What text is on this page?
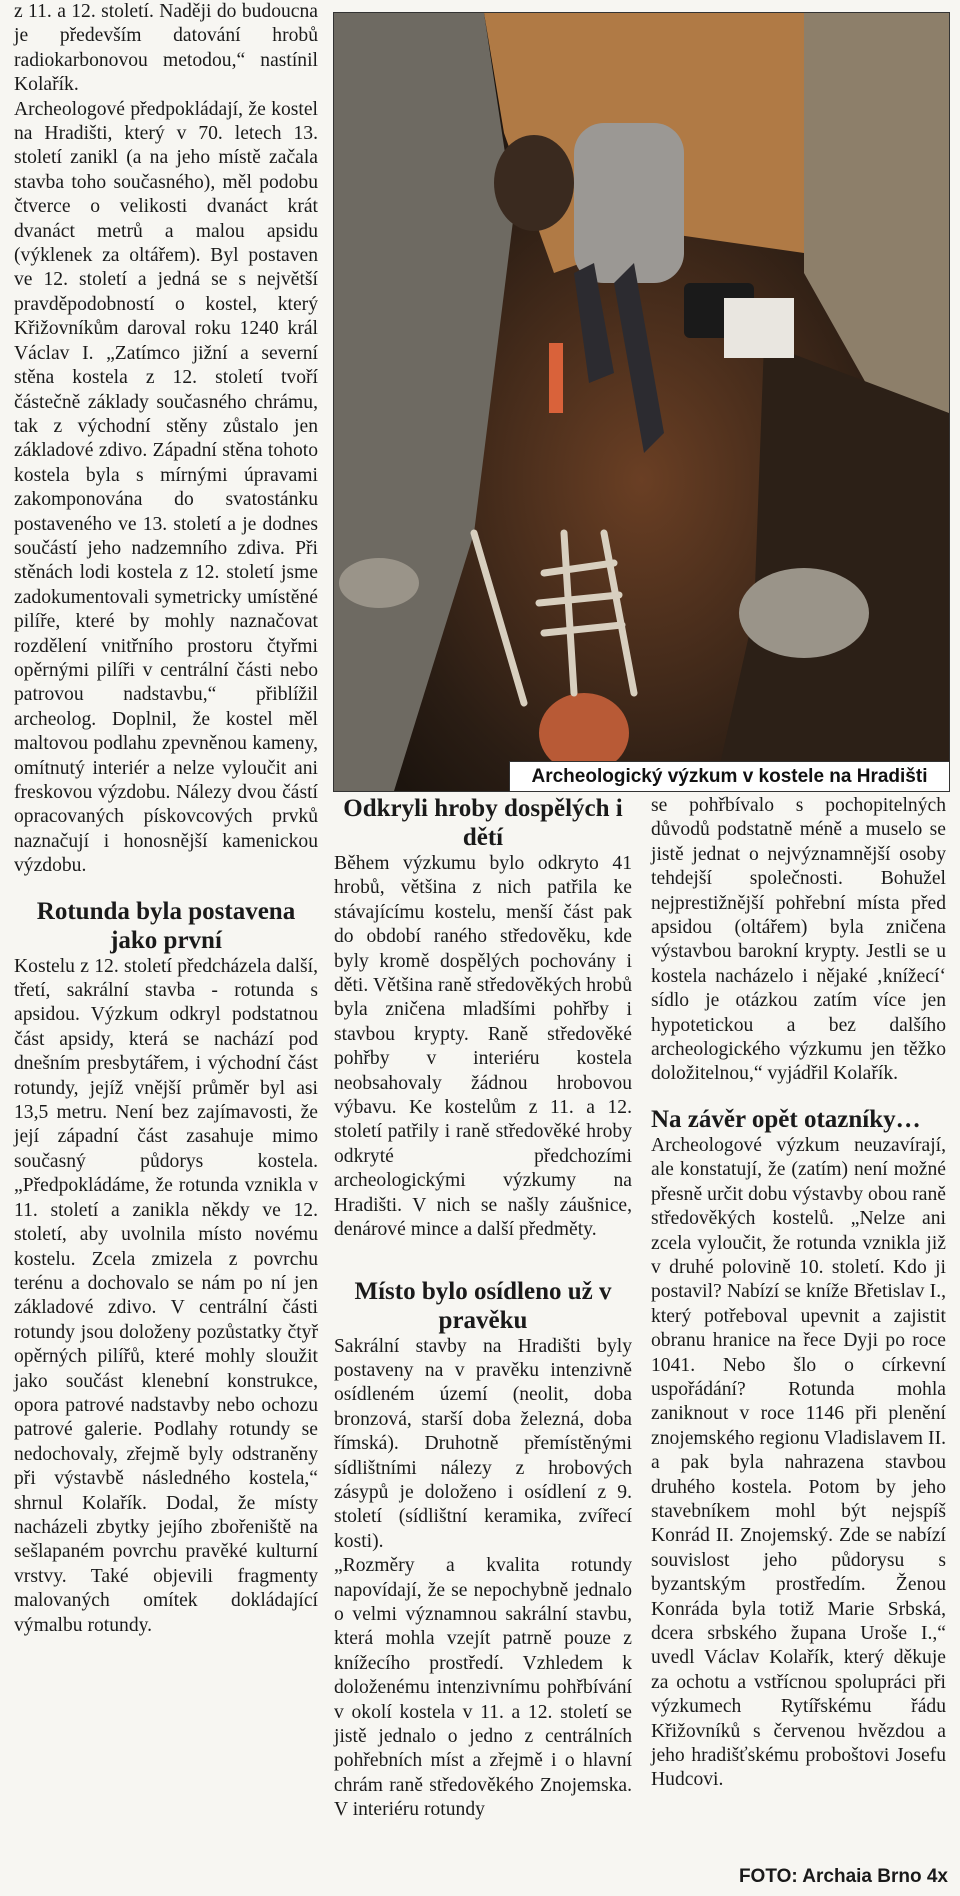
z 11. a 12. století. Naději do budoucna je především datování hrobů radiokarbonovou metodou,“ nastínil Kolařík.

Archeologové předpokládají, že kostel na Hradišti, který v 70. letech 13. století zanikl (a na jeho místě začala stavba toho současného), měl podobu čtverce o velikosti dvanáct krát dvanáct metrů a malou apsidu (výklenek za oltářem). Byl postaven ve 12. století a jedná se s největší pravděpodobností o kostel, který Křižovníkům daroval roku 1240 král Václav I. „Zatímco jižní a severní stěna kostela z 12. století tvoří částečně základy současného chrámu, tak z východní stěny zůstalo jen základové zdivo. Západní stěna tohoto kostela byla s mírnými úpravami zakomponována do svatostánku postaveného ve 13. století a je dodnes součástí jeho nadzemního zdiva. Při stěnách lodi kostela z 12. století jsme zadokumentovali symetricky umístěné pilíře, které by mohly naznačovat rozdělení vnitřního prostoru čtyřmi opěrnými pilíři v centrální části nebo patrovou nadstavbu,“ přiblížil archeolog. Doplnil, že kostel měl maltovou podlahu zpevněnou kameny, omítnutý interiér a nelze vyloučit ani freskovou výzdobu. Nálezy dvou částí opracovaných pískovcových prvků naznačují i honosnější kamenickou výzdobu.

Rotunda byla postavena jako první

Kostelu z 12. století předcházela další, třetí, sakrální stavba - rotunda s apsidou. Výzkum odkryl podstatnou část apsidy, která se nachází pod dnešním presbytářem, i východní část rotundy, jejíž vnější průměr byl asi 13,5 metru. Není bez zajímavosti, že její západní část zasahuje mimo současný půdorys kostela. „Předpokládáme, že rotunda vznikla v 11. století a zanikla někdy ve 12. století, aby uvolnila místo novému kostelu. Zcela zmizela z povrchu terénu a dochovalo se nám po ní jen základové zdivo. V centrální části rotundy jsou doloženy pozůstatky čtyř opěrných pilířů, které mohly sloužit jako součást klenební konstrukce, opora patrové nadstavby nebo ochozu patrové galerie. Podlahy rotundy se nedochovaly, zřejmě byly odstraněny při výstavbě následného kostela,“ shrnul Kolařík. Dodal, že místy nacházeli zbytky jejího zbořeniště na sešlapaném povrchu pravěké kulturní vrstvy. Také objevili fragmenty malovaných omítek dokládající výmalbu rotundy.

Archeologický výzkum v kostele na Hradišti
Odkryli hroby dospělých i dětí

Během výzkumu bylo odkryto 41 hrobů, většina z nich patřila ke stávajícímu kostelu, menší část pak do období raného středověku, kde byly kromě dospělých pochovány i děti. Většina raně středověkých hrobů byla zničena mladšími pohřby i stavbou krypty. Raně středověké pohřby v interiéru kostela neobsahovaly žádnou hrobovou výbavu. Ke kostelům z 11. a 12. století patřily i raně středověké hroby odkryté předchozími archeologickými výzkumy na Hradišti. V nich se našly záušnice, denárové mince a další předměty.

Místo bylo osídleno už v pravěku

Sakrální stavby na Hradišti byly postaveny na v pravěku intenzivně osídleném území (neolit, doba bronzová, starší doba železná, doba římská). Druhotně přemístěnými sídlištními nálezy z hrobových zásypů je doloženo i osídlení z 9. století (sídlištní keramika, zvířecí kosti).

„Rozměry a kvalita rotundy napovídají, že se nepochybně jednalo o velmi významnou sakrální stavbu, která mohla vzejít patrně pouze z knížecího prostředí. Vzhledem k doloženému intenzivnímu pohřbívání v okolí kostela v 11. a 12. století se jistě jednalo o jedno z centrálních pohřebních míst a zřejmě i o hlavní chrám raně středověkého Znojemska. V interiéru rotundy

se pohřbívalo s pochopitelných důvodů podstatně méně a muselo se jistě jednat o nejvýznamnější osoby tehdejší společnosti. Bohužel nejprestižnější pohřební místa před apsidou (oltářem) byla zničena výstavbou barokní krypty. Jestli se u kostela nacházelo i nějaké ‚knížecí‘ sídlo je otázkou zatím více jen hypotetickou a bez dalšího archeologického výzkumu jen těžko doložitelnou,“ vyjádřil Kolařík.

Na závěr opět otazníky…

Archeologové výzkum neuzavírají, ale konstatují, že (zatím) není možné přesně určit dobu výstavby obou raně středověkých kostelů. „Nelze ani zcela vyloučit, že rotunda vznikla již v druhé polovině 10. století. Kdo ji postavil? Nabízí se kníže Břetislav I., který potřeboval upevnit a zajistit obranu hranice na řece Dyji po roce 1041. Nebo šlo o církevní uspořádání? Rotunda mohla zaniknout v roce 1146 při plenění znojemského regionu Vladislavem II. a pak byla nahrazena stavbou druhého kostela. Potom by jeho stavebníkem mohl být nejspíš Konrád II. Znojemský. Zde se nabízí souvislost jeho půdorysu s byzantským prostředím. Ženou Konráda byla totiž Marie Srbská, dcera srbského župana Uroše I.,“ uvedl Václav Kolařík, který děkuje za ochotu a vstřícnou spolupráci při výzkumech Rytířskému řádu Křižovníků s červenou hvězdou a jeho hradišťskému proboštovi Josefu Hudcovi.

FOTO: Archaia Brno 4x
